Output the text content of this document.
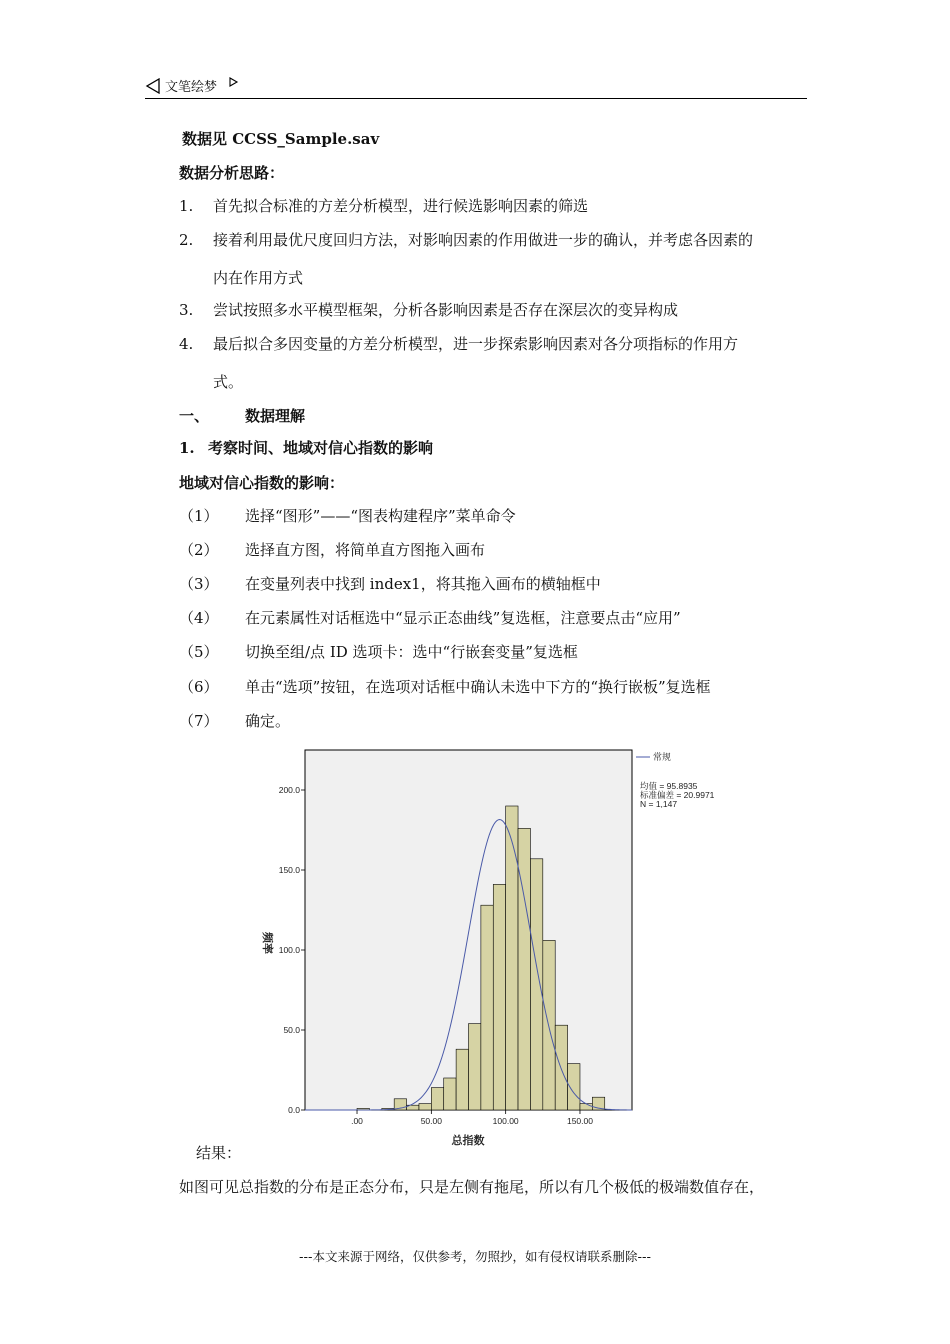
文笔绘梦
数据见 CCSS_Sample.sav
数据分析思路：
1. 首先拟合标准的方差分析模型，进行候选影响因素的筛选
2. 接着利用最优尺度回归方法，对影响因素的作用做进一步的确认，并考虑各因素的
内在作用方式
3. 尝试按照多水平模型框架，分析各影响因素是否存在深层次的变异构成
4. 最后拟合多因变量的方差分析模型，进一步探索影响因素对各分项指标的作用方
式。
一、 数据理解
1. 考察时间、地域对信心指数的影响
地域对信心指数的影响：
（1） 选择“图形”——“图表构建程序”菜单命令
（2） 选择直方图，将简单直方图拖入画布
（3） 在变量列表中找到 index1，将其拖入画布的横轴框中
（4） 在元素属性对话框选中“显示正态曲线”复选框，注意要点击“应用”
（5） 切换至组/点 ID 选项卡：选中“行嵌套变量”复选框
（6） 单击“选项”按钮，在选项对话框中确认未选中下方的“换行嵌板”复选框
（7） 确定。
0.0
50.0
100.0
150.0
200.0
.00	50.00	100.00	150.00
频率
总指数
常规
均值 = 95.8935
标准偏差 = 20.9971
N = 1,147
结果：
如图可见总指数的分布是正态分布，只是左侧有拖尾，所以有几个极低的极端数值存在，
---本文来源于网络，仅供参考，勿照抄，如有侵权请联系删除---
